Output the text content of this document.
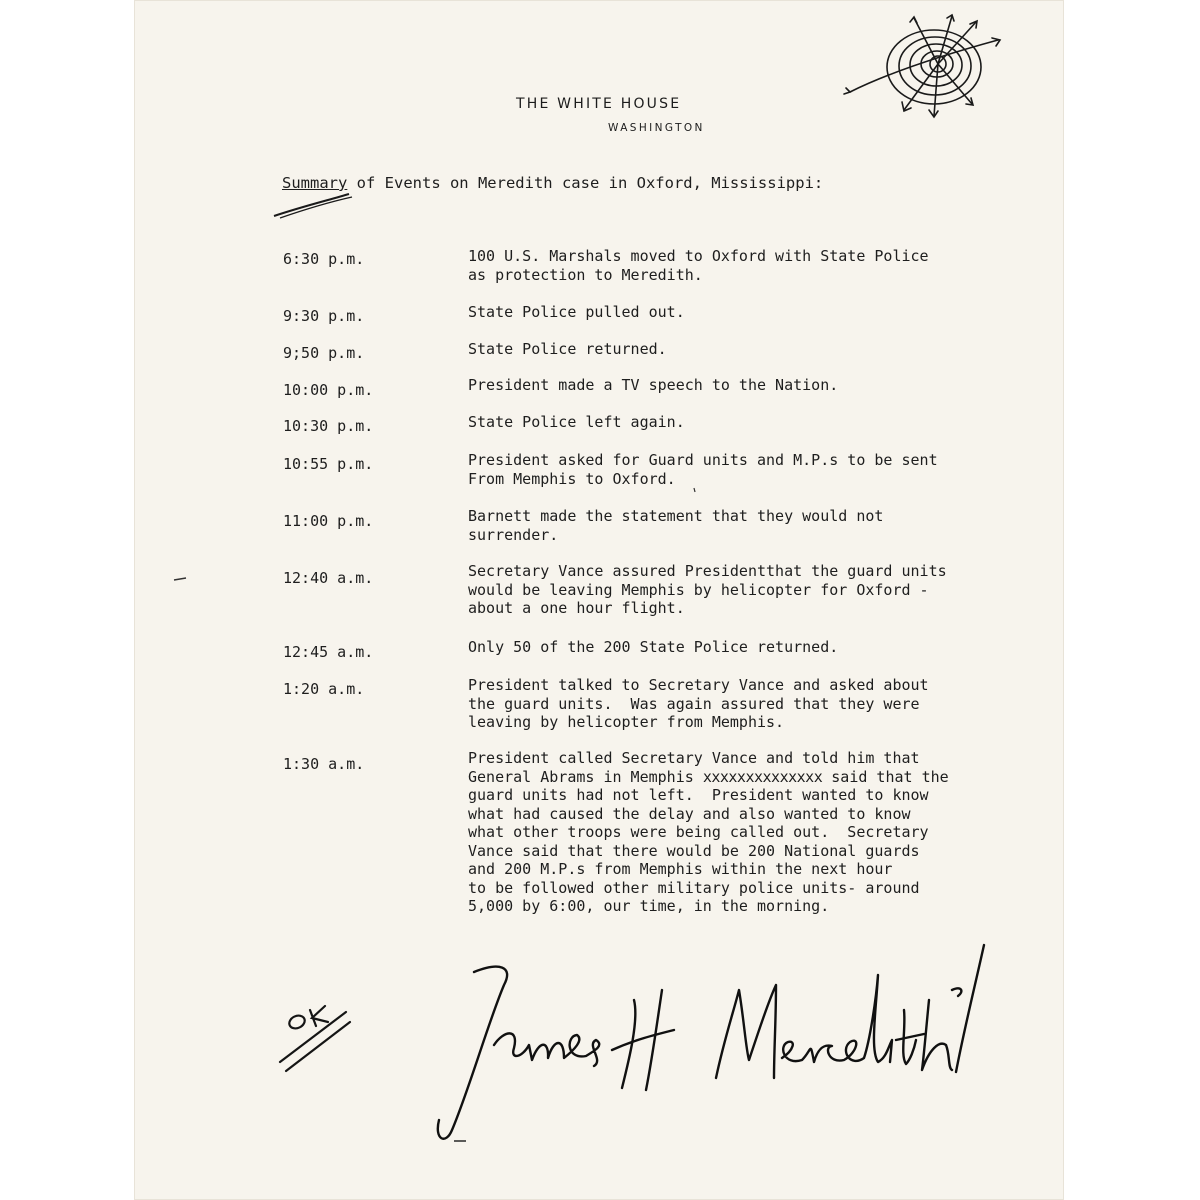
THE WHITE HOUSE
WASHINGTON
Summary of Events on Meredith case in Oxford, Mississippi:
6:30 p.m.	100 U.S. Marshals moved to Oxford with State Police
as protection to Meredith.
9:30 p.m.	State Police pulled out.
9;50 p.m.	State Police returned.
10:00 p.m.	President made a TV speech to the Nation.
10:30 p.m.	State Police left again.
10:55 p.m.	President asked for Guard units and M.P.s to be sent
From Memphis to Oxford.
11:00 p.m.	Barnett made the statement that they would not
surrender.
12:40 a.m.	Secretary Vance assured Presidentthat the guard units
would be leaving Memphis by helicopter for Oxford -
about a one hour flight.
12:45 a.m.	Only 50 of the 200 State Police returned.
1:20 a.m.	President talked to Secretary Vance and asked about
the guard units.  Was again assured that they were
leaving by helicopter from Memphis.
1:30 a.m.	President called Secretary Vance and told him that
General Abrams in Memphis xxxxxxxxxxxxxx said that the
guard units had not left.  President wanted to know
what had caused the delay and also wanted to know
what other troops were being called out.  Secretary
Vance said that there would be 200 National guards
and 200 M.P.s from Memphis within the next hour
to be followed other military police units- around
5,000 by 6:00, our time, in the morning.
